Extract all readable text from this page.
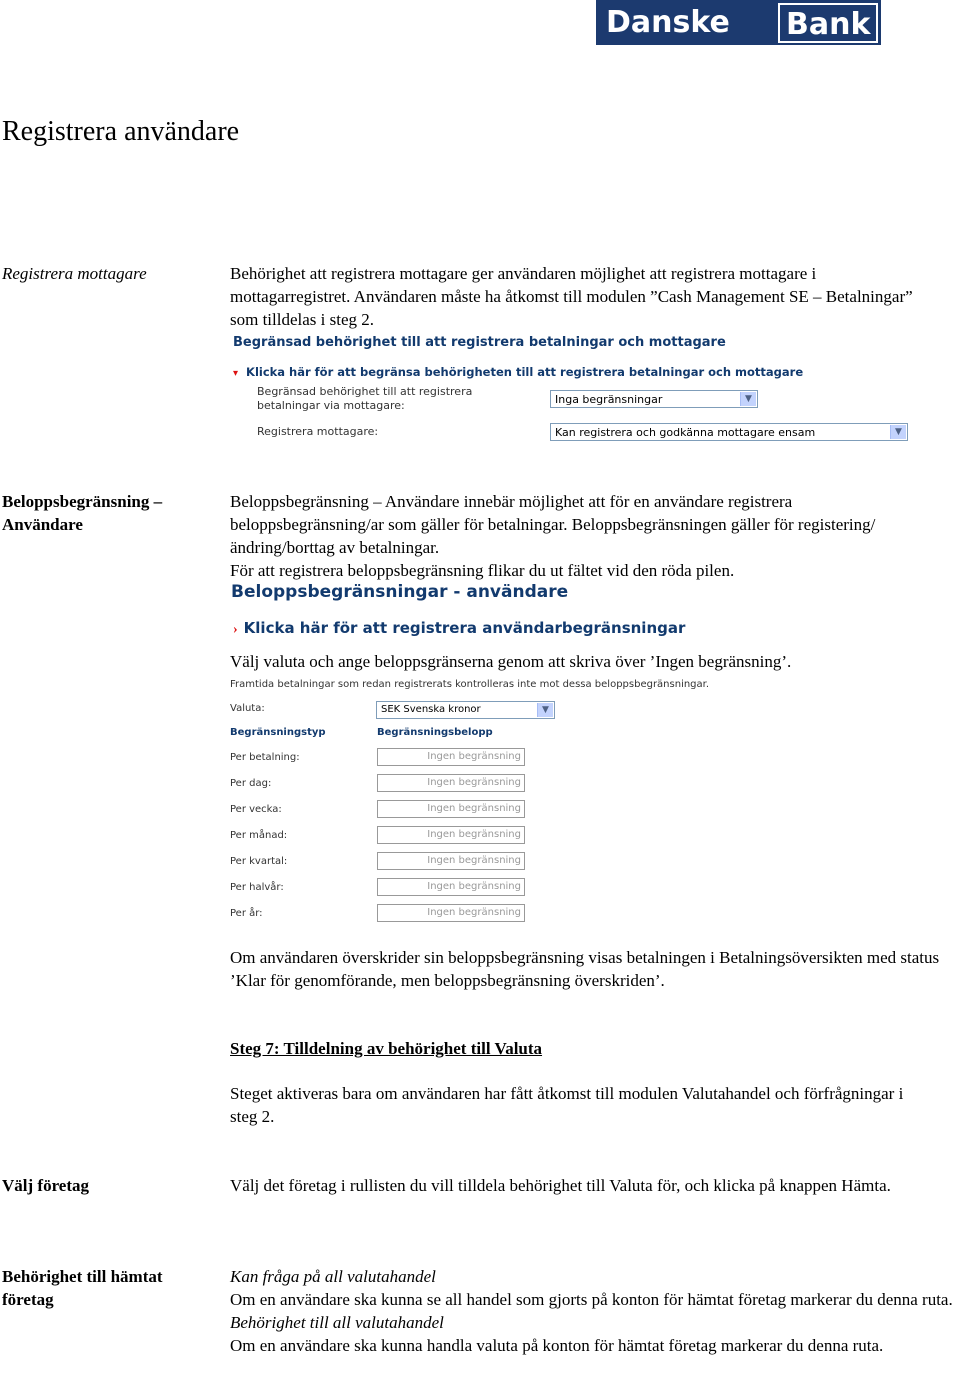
Danske	Bank
Registrera användare
Registrera mottagare	Behörighet att registrera mottagare ger användaren möjlighet att registrera mottagare i mottagarregistret. Användaren måste ha åtkomst till modulen ”Cash Management SE – Betalningar” som tilldelas i steg 2.
Begränsad behörighet till att registrera betalningar och mottagare
▾ Klicka här för att begränsa behörigheten till att registrera betalningar och mottagare
Begränsad behörighet till att registrera betalningar via mottagare:	Inga begränsningar	▼
Registrera mottagare:	Kan registrera och godkänna mottagare ensam	▼
Beloppsbegränsning –
Användare
Beloppsbegränsning – Användare innebär möjlighet att för en användare registrera beloppsbegränsning/ar som gäller för betalningar. Beloppsbegränsningen gäller för registering/ändring/borttag av betalningar.
För att registrera beloppsbegränsning flikar du ut fältet vid den röda pilen.
Beloppsbegränsningar - användare
› Klicka här för att registrera användarbegränsningar
Välj valuta och ange beloppsgränserna genom att skriva över ’Ingen begränsning’.
Framtida betalningar som redan registrerats kontrolleras inte mot dessa beloppsbegränsningar.
Valuta:	SEK Svenska kronor	▼
Begränsningstyp	Begränsningsbelopp
Per betalning:	Ingen begränsning
Per dag:	Ingen begränsning
Per vecka:	Ingen begränsning
Per månad:	Ingen begränsning
Per kvartal:	Ingen begränsning
Per halvår:	Ingen begränsning
Per år:	Ingen begränsning
Om användaren överskrider sin beloppsbegränsning visas betalningen i Betalningsöversikten med status ’Klar för genomförande, men beloppsbegränsning överskriden’.
Steg 7: Tilldelning av behörighet till Valuta
Steget aktiveras bara om användaren har fått åtkomst till modulen Valutahandel och förfrågningar i steg 2.
Välj företag	Välj det företag i rullisten du vill tilldela behörighet till Valuta för, och klicka på knappen Hämta.
Behörighet till hämtat
företag
Kan fråga på all valutahandel
Om en användare ska kunna se all handel som gjorts på konton för hämtat företag markerar du denna ruta.
Behörighet till all valutahandel
Om en användare ska kunna handla valuta på konton för hämtat företag markerar du denna ruta.
